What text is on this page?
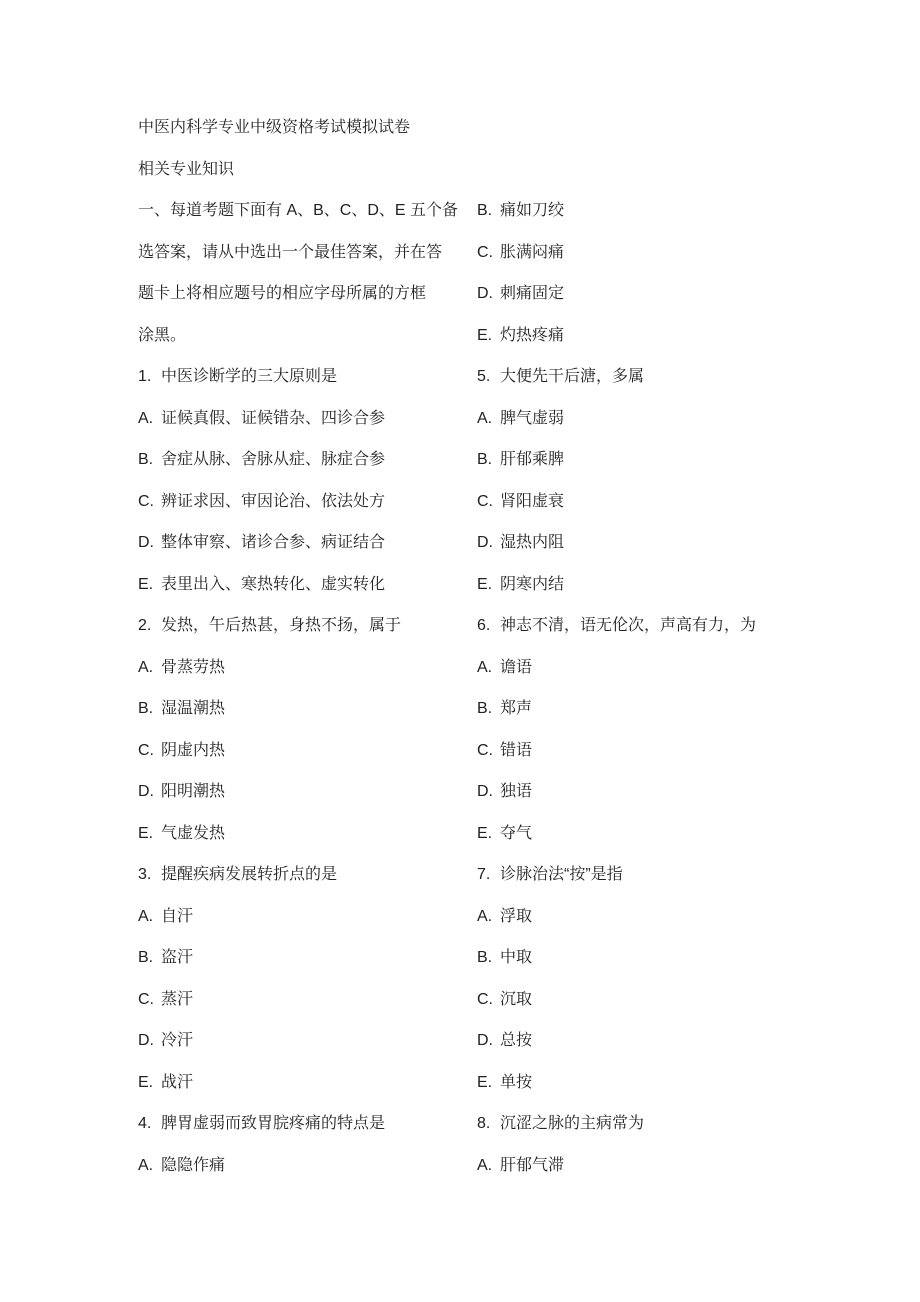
中医内科学专业中级资格考试模拟试卷
相关专业知识
一、每道考题下面有 A、B、C、D、E 五个备
选答案，请从中选出一个最佳答案，并在答
题卡上将相应题号的相应字母所属的方框
涂黑。
1. 中医诊断学的三大原则是
A. 证候真假、证候错杂、四诊合参
B. 舍症从脉、舍脉从症、脉症合参
C. 辨证求因、审因论治、依法处方
D. 整体审察、诸诊合参、病证结合
E. 表里出入、寒热转化、虚实转化
2. 发热，午后热甚，身热不扬，属于
A. 骨蒸劳热
B. 湿温潮热
C. 阴虚内热
D. 阳明潮热
E. 气虚发热
3. 提醒疾病发展转折点的是
A. 自汗
B. 盗汗
C. 蒸汗
D. 冷汗
E. 战汗
4. 脾胃虚弱而致胃脘疼痛的特点是
A. 隐隐作痛
B. 痛如刀绞
C. 胀满闷痛
D. 刺痛固定
E. 灼热疼痛
5. 大便先干后溏，多属
A. 脾气虚弱
B. 肝郁乘脾
C. 肾阳虚衰
D. 湿热内阻
E. 阴寒内结
6. 神志不清，语无伦次，声高有力，为
A. 谵语
B. 郑声
C. 错语
D. 独语
E. 夺气
7. 诊脉治法“按”是指
A. 浮取
B. 中取
C. 沉取
D. 总按
E. 单按
8. 沉涩之脉的主病常为
A. 肝郁气滞
